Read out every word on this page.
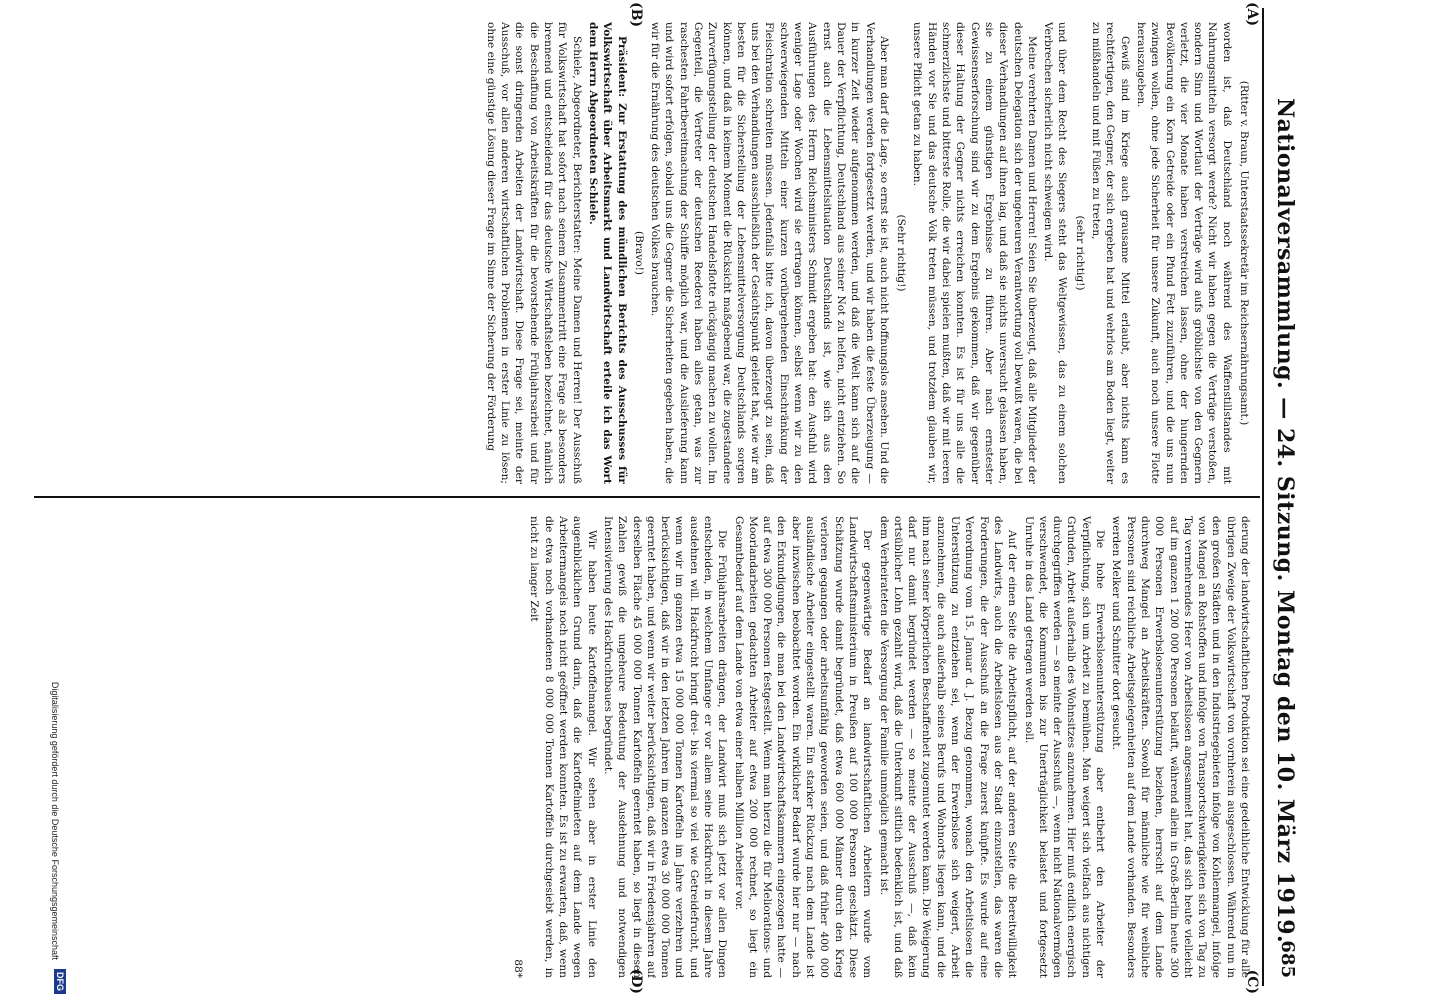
Nationalversammlung. — 24. Sitzung. Montag den 10. März 1919.
685
(A)
(B)
(C)
(D)

(Ritter v. Braun, Unterstaatssekretär im Reichsernährungsamt.)

worden ist, daß Deutschland noch während des Waffenstillstandes mit Nahrungsmitteln versorgt werde? Nicht wir haben gegen die Verträge verstoßen, sondern Sinn und Wortlaut der Verträge wird aufs gröblichste von den Gegnern verletzt, die vier Monate haben verstreichen lassen, ohne der hungernden Bevölkerung ein Korn Getreide oder ein Pfund Fett zuzuführen, und die uns nun zwingen wollen, ohne jede Sicherheit für unsere Zukunft, auch noch unsere Flotte herauszugeben.

Gewiß sind im Kriege auch grausame Mittel erlaubt, aber nichts kann es rechtfertigen, den Gegner, der sich ergeben hat und wehrlos am Boden liegt, weiter zu mißhandeln und mit Füßen zu treten,

(sehr richtig!)

und über dem Recht des Siegers steht das Weltgewissen, das zu einem solchen Verbrechen sicherlich nicht schweigen wird.

Meine verehrten Damen und Herren! Seien Sie überzeugt, daß alle Mitglieder der deutschen Delegation sich der ungeheuren Verantwortung voll bewußt waren, die bei dieser Verhandlungen auf ihnen lag, und daß sie nichts unversucht gelassen haben, sie zu einem günstigen Ergebnisse zu führen. Aber nach ernstester Gewissenserforschung sind wir zu dem Ergebnis gekommen, daß wir gegenüber dieser Haltung der Gegner nichts erreichen konnten. Es ist für uns alle die schmerzlichste und bitterste Rolle, die wir dabei spielen mußten, daß wir mit leeren Händen vor Sie und das deutsche Volk treten müssen, und trotzdem glauben wir, unsere Pflicht getan zu haben.

(Sehr richtig!)

Aber man darf die Lage, so ernst sie ist, auch nicht hoffnungslos ansehen. Und die Verhandlungen werden fortgesetzt werden, und wir haben die feste Überzeugung — in kurzer Zeit wieder aufgenommen werden, und daß die Welt kann sich auf die Dauer der Verpflichtung, Deutschland aus seiner Not zu helfen, nicht entziehen. So ernst auch die Lebensmittelsituation Deutschlands ist, wie sich aus den Ausführungen des Herrn Reichsministers Schmidt ergeben hat: den Ausfuhl wird weniger Lage oder Wochen wird sie ertragen können, selbst wenn wir zu den schwerwiegenden Mitteln einer kurzen vorübergehenden Einschränkung der Fleischration schreiten müssen. Jedenfalls bitte ich, davon überzeugt zu sein, daß uns bei den Verhandlungen ausschließlich der Gesichtspunkt geleitet hat, wie wir am besten für die Sicherstellung der Lebensmittelversorgung Deutschlands sorgen können, und daß in keinem Moment die Rücksicht maßgebend war, die zugestandene Zurverfügungstellung der deutschen Handelsflotte rückgängig machen zu wollen. Im Gegenteil, die Vertreter der deutschen Reederei haben alles getan, was zur raschesten Fahrtbereitmachung der Schiffe möglich war, und die Auslieferung kann und wird sofort erfolgen, sobald uns die Gegner die Sicherheiten gegeben haben, die wir für die Ernährung des deutschen Volkes brauchen.

(Bravo!)

Präsident: Zur Erstattung des mündlichen Berichts des Ausschusses für Volkswirtschaft über Arbeitsmarkt und Landwirtschaft erteile ich das Wort dem Herrn Abgeordneten Schiele.

Schiele, Abgeordneter, Berichterstatter: Meine Damen und Herren! Der Ausschuß für Volkswirtschaft hat sofort nach seinem Zusammentritt eine Frage als besonders brennend und entscheidend für das deutsche Wirtschaftsleben bezeichnet, nämlich die Beschaffung von Arbeitskräften für die bevorstehende Frühjahrsarbeit und für die sonst dringenden Arbeiten der Landwirtschaft. Diese Frage sei, meinte der Ausschuß, vor allen anderen wirtschaftlichen Problemen in erster Linie zu lösen; ohne eine günstige Lösung dieser Frage im Sinne der Sicherung der Förderung

derung der landwirtschaftlichen Produktion sei eine gedeihliche Entwicklung für alle übrigen Zweige der Volkswirtschaft von vornherein ausgeschlossen. Während nun in den großen Städten und in den Industriegebieten infolge von Kohlenmangel, infolge von Mangel an Rohstoffen und infolge von Transportschwierigkeiten sich von Tag zu Tag vermehrendes Heer von Arbeitslosen angesammelt hat, das sich heute vielleicht auf im ganzen 1 200 000 Personen beläuft, während allein in Groß-Berlin heute 300 000 Personen Erwerbslosenunterstützung beziehen, herrscht auf dem Lande durchweg Mangel an Arbeitskräften. Sowohl für männliche wie für weibliche Personen sind reichliche Arbeitsgelegenheiten auf dem Lande vorhanden. Besonders werden Melker und Schnitter dort gesucht.

Die hohe Erwerbslosenunterstützung aber entbehrt den Arbeiter der Verpflichtung, sich um Arbeit zu bemühen. Man weigert sich vielfach aus nichtigen Gründen, Arbeit außerhalb des Wohnsitzes anzunehmen. Hier muß endlich energisch durchgegriffen werden — so meinte der Ausschuß —, wenn nicht Nationalvermögen verschwendet, die Kommunen bis zur Unerträglichkeit belastet und fortgesetzt Unruhe in das Land getragen werden soll.

Auf der einen Seite die Arbeitspflicht, auf der anderen Seite die Bereitwilligkeit des Landwirts, auch die Arbeitslosen aus der Stadt einzustellen, das waren die Forderungen, die der Ausschuß an die Frage zuerst knüpfte. Es wurde auf eine Verordnung vom 15. Januar d. J. Bezug genommen, wonach den Arbeitslosen die Unterstützung zu entziehen sei, wenn der Erwerbslose sich weigert, Arbeit anzunehmen, die auch außerhalb seines Berufs und Wohnorts liegen kann, und die ihm nach seiner körperlichen Beschaffenheit zugemutet werden kann. Die Weigerung darf nur damit begründet werden — so meinte der Ausschuß —, daß kein ortsüblicher Lohn gezahlt wird, daß die Unterkunft sittlich bedenklich ist, und daß dem Verheirateten die Versorgung der Familie unmöglich gemacht ist.

Der gegenwärtige Bedarf an landwirtschaftlichen Arbeitern wurde vom Landwirtschaftsministerium in Preußen auf 100 000 Personen geschätzt. Diese Schätzung wurde damit begründet, daß etwa 600 000 Männer durch den Krieg verloren gegangen oder arbeitsunfähig geworden seien, und daß früher 400 000 ausländische Arbeiter eingestellt waren. Ein starker Rückzug nach dem Lande ist aber inzwischen beobachtet worden. Ein wirklicher Bedarf wurde hier nur — nach den Erkundigungen, die man bei den Landwirtschaftskammern eingezogen hatte — auf etwa 300 000 Personen festgestellt. Wenn man hierzu die für Meliorations- und Moorlandarbeiten gedachten Arbeiter auf etwa 200 000 rechnet, so liegt ein Gesamtbedarf auf dem Lande von etwa einer halben Million Arbeiter vor.

Die Frühjahrsarbeiten drängen, der Landwirt muß sich jetzt vor allen Dingen entscheiden, in welchem Umfange er vor allem seine Hackfrucht in diesem Jahre ausdehnen will. Hackfrucht bringt drei- bis viermal so viel wie Getreidefrucht, und wenn wir im ganzen etwa 15 000 000 Tonnen Kartoffeln im Jahre verzehren und berücksichtigen, daß wir in den letzten Jahren im ganzen etwa 30 000 000 Tonnen geerntet haben, und wenn wir weiter berücksichtigen, daß wir in Friedensjahren auf derselben Fläche 45 000 000 Tonnen Kartoffeln geerntet haben, so liegt in diesen Zahlen gewiß die ungeheure Bedeutung der Ausdehnung und notwendigen Intensivierung des Hackfruchtbaues begründet.

Wir haben heute Kartoffelmangel. Wir sehen aber in erster Linie den augenblicklichen Grund darin, daß die Kartoffelmieten auf dem Lande wegen Arbeitermangels noch nicht geöffnet werden konnten. Es ist zu erwarten, daß, wenn die etwa noch vorhandenen 8 000 000 Tonnen Kartoffeln durchgesiebt werden, in nicht zu langer Zeit

88*

Digitalisierung gefördert durch die Deutsche Forschungsgemeinschaft
DFG
